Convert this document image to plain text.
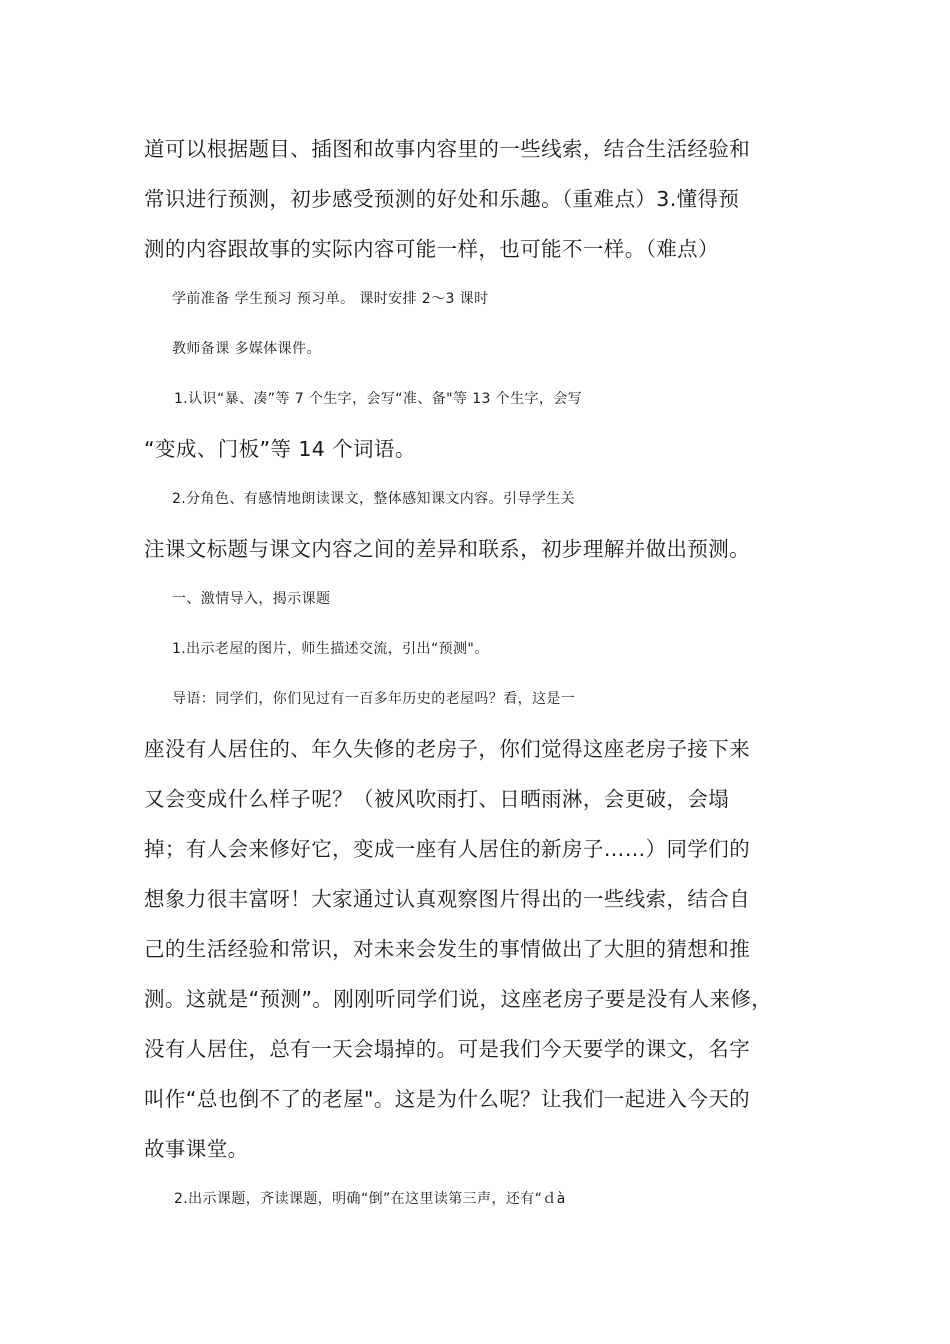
道可以根据题目、插图和故事内容里的一些线索，结合生活经验和
常识进行预测，初步感受预测的好处和乐趣。（重难点）3.懂得预
测的内容跟故事的实际内容可能一样，也可能不一样。（难点）
学前准备 学生预习 预习单。 课时安排 2～3 课时
教师备课 多媒体课件。
1.认识“暴、凑”等 7 个生字，会写“准、备"等 13 个生字，会写
“变成、门板”等 14 个词语。
2.分角色、有感情地朗读课文，整体感知课文内容。引导学生关
注课文标题与课文内容之间的差异和联系，初步理解并做出预测。
一、激情导入，揭示课题
1.出示老屋的图片，师生描述交流，引出“预测"。
导语：同学们，你们见过有一百多年历史的老屋吗？看，这是一
座没有人居住的、年久失修的老房子，你们觉得这座老房子接下来
又会变成什么样子呢？（被风吹雨打、日晒雨淋，会更破，会塌
掉；有人会来修好它，变成一座有人居住的新房子……）同学们的
想象力很丰富呀！大家通过认真观察图片得出的一些线索，结合自
己的生活经验和常识，对未来会发生的事情做出了大胆的猜想和推
测。这就是“预测”。刚刚听同学们说，这座老房子要是没有人来修，
没有人居住，总有一天会塌掉的。可是我们今天要学的课文，名字
叫作“总也倒不了的老屋"。这是为什么呢？让我们一起进入今天的
故事课堂。
2.出示课题，齐读课题，明确“倒”在这里读第三声，还有“ｄà
